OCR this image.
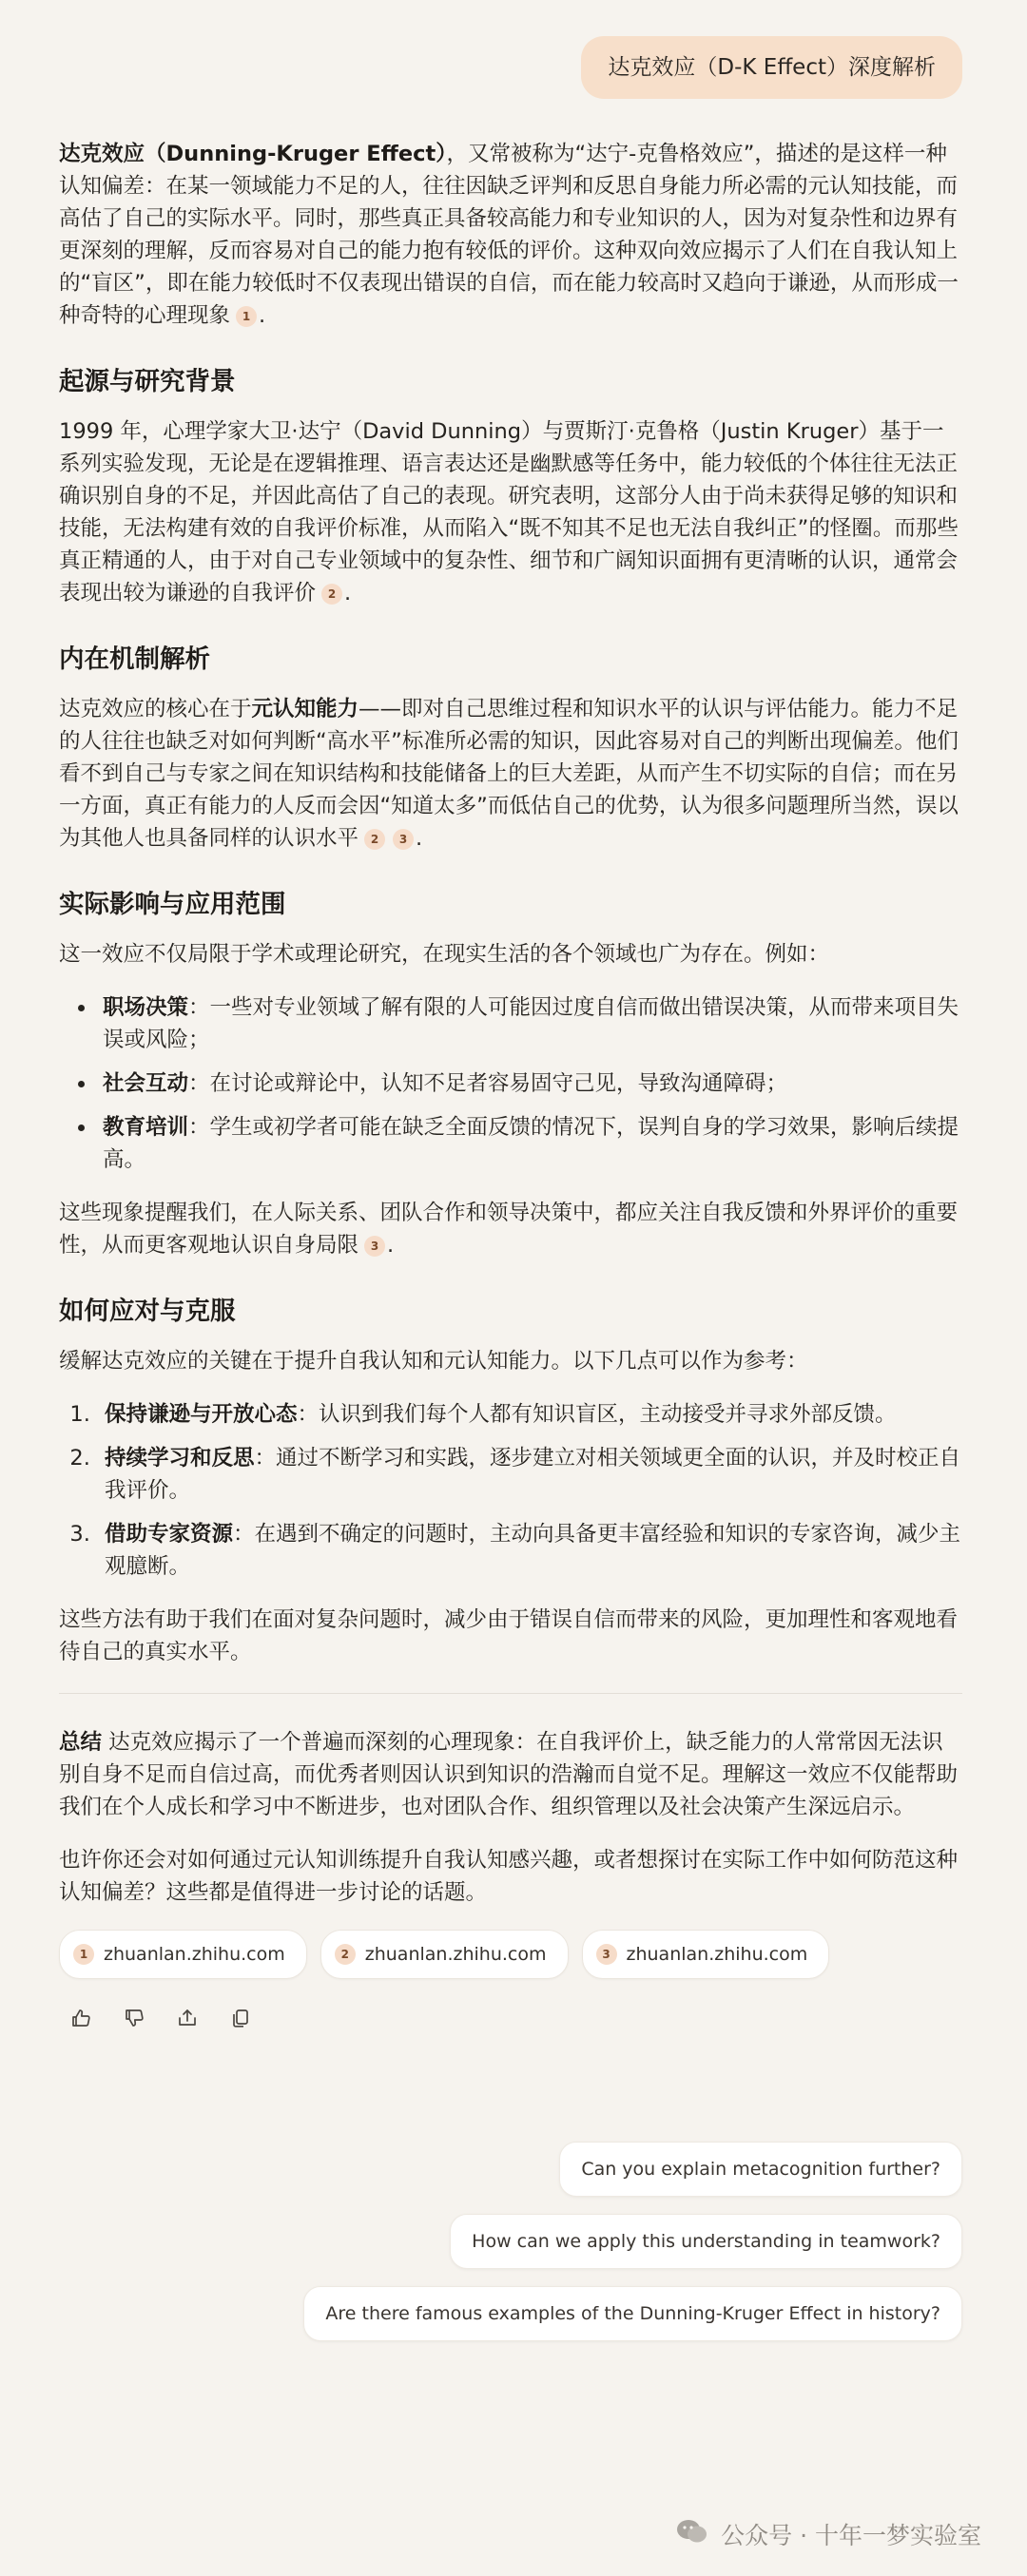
达克效应（D-K Effect）深度解析

达克效应（Dunning-Kruger Effect），又常被称为“达宁-克鲁格效应”，描述的是这样一种认知偏差：在某一领域能力不足的人，往往因缺乏评判和反思自身能力所必需的元认知技能，而高估了自己的实际水平。同时，那些真正具备较高能力和专业知识的人，因为对复杂性和边界有更深刻的理解，反而容易对自己的能力抱有较低的评价。这种双向效应揭示了人们在自我认知上的“盲区”，即在能力较低时不仅表现出错误的自信，而在能力较高时又趋向于谦逊，从而形成一种奇特的心理现象 1 .

起源与研究背景

1999 年，心理学家大卫·达宁（David Dunning）与贾斯汀·克鲁格（Justin Kruger）基于一系列实验发现，无论是在逻辑推理、语言表达还是幽默感等任务中，能力较低的个体往往无法正确识别自身的不足，并因此高估了自己的表现。研究表明，这部分人由于尚未获得足够的知识和技能，无法构建有效的自我评价标准，从而陷入“既不知其不足也无法自我纠正”的怪圈。而那些真正精通的人，由于对自己专业领域中的复杂性、细节和广阔知识面拥有更清晰的认识，通常会表现出较为谦逊的自我评价 2 .

内在机制解析

达克效应的核心在于元认知能力——即对自己思维过程和知识水平的认识与评估能力。能力不足的人往往也缺乏对如何判断“高水平”标准所必需的知识，因此容易对自己的判断出现偏差。他们看不到自己与专家之间在知识结构和技能储备上的巨大差距，从而产生不切实际的自信；而在另一方面，真正有能力的人反而会因“知道太多”而低估自己的优势，认为很多问题理所当然，误以为其他人也具备同样的认识水平 2 3 .

实际影响与应用范围

这一效应不仅局限于学术或理论研究，在现实生活的各个领域也广为存在。例如：

• 职场决策：一些对专业领域了解有限的人可能因过度自信而做出错误决策，从而带来项目失误或风险；
• 社会互动：在讨论或辩论中，认知不足者容易固守己见，导致沟通障碍；
• 教育培训：学生或初学者可能在缺乏全面反馈的情况下，误判自身的学习效果，影响后续提高。

这些现象提醒我们，在人际关系、团队合作和领导决策中，都应关注自我反馈和外界评价的重要性，从而更客观地认识自身局限 3 .

如何应对与克服

缓解达克效应的关键在于提升自我认知和元认知能力。以下几点可以作为参考：

1. 保持谦逊与开放心态：认识到我们每个人都有知识盲区，主动接受并寻求外部反馈。
2. 持续学习和反思：通过不断学习和实践，逐步建立对相关领域更全面的认识，并及时校正自我评价。
3. 借助专家资源：在遇到不确定的问题时，主动向具备更丰富经验和知识的专家咨询，减少主观臆断。

这些方法有助于我们在面对复杂问题时，减少由于错误自信而带来的风险，更加理性和客观地看待自己的真实水平。

总结 达克效应揭示了一个普遍而深刻的心理现象：在自我评价上，缺乏能力的人常常因无法识别自身不足而自信过高，而优秀者则因认识到知识的浩瀚而自觉不足。理解这一效应不仅能帮助我们在个人成长和学习中不断进步，也对团队合作、组织管理以及社会决策产生深远启示。

也许你还会对如何通过元认知训练提升自我认知感兴趣，或者想探讨在实际工作中如何防范这种认知偏差？这些都是值得进一步讨论的话题。

1 zhuanlan.zhihu.com	2 zhuanlan.zhihu.com	3 zhuanlan.zhihu.com
Can you explain metacognition further?
How can we apply this understanding in teamwork?
Are there famous examples of the Dunning-Kruger Effect in history?
公众号 · 十年一梦实验室
